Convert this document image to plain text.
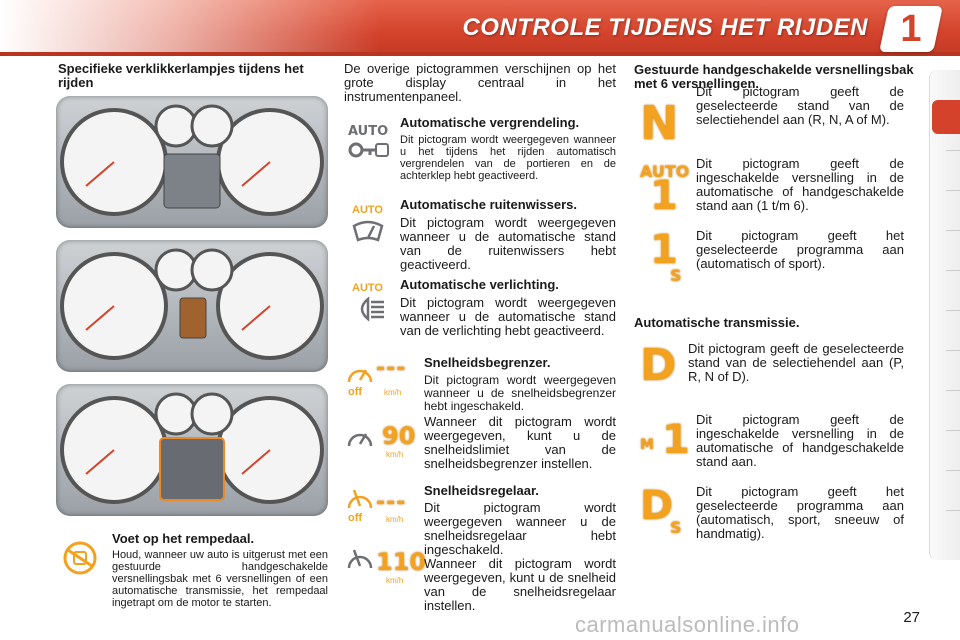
CONTROLE TIJDENS HET RIJDEN 1
Specifieke verklikkerlampjes tijdens het rijden
Voet op het rempedaal.
Houd, wanneer uw auto is uitgerust met een gestuurde handgeschakelde versnellingsbak met 6 versnellingen of een automatische transmissie, het rempedaal ingetrapt om de motor te starten.
De overige pictogrammen verschijnen op het grote display centraal in het instrumentenpaneel.
AUTO
Automatische vergrendeling.
Dit pictogram wordt weergegeven wanneer u het tijdens het rijden automatisch vergrendelen van de portieren en de achterklep hebt geactiveerd.
AUTO Automatische ruitenwissers.
Dit pictogram wordt weergegeven wanneer u de automatische stand van de ruitenwissers hebt geactiveerd.
AUTO Automatische verlichting.
Dit pictogram wordt weergegeven wanneer u de automatische stand van de verlichting hebt geactiveerd.
---
off	km/h
90
km/h
Snelheidsbegrenzer.
Dit pictogram wordt weergegeven wanneer u de snelheidsbegrenzer hebt ingeschakeld.
Wanneer dit pictogram wordt weergegeven, kunt u de snelheidslimiet van de snelheidsbegrenzer instellen.
---
off	km/h
110
km/h
Snelheidsregelaar.
Dit pictogram wordt weergegeven wanneer u de snelheidsregelaar hebt ingeschakeld.
Wanneer dit pictogram wordt weergegeven, kunt u de snelheid van de snelheidsregelaar instellen.
Gestuurde handgeschakelde versnellingsbak met 6 versnellingen.
N
Dit pictogram geeft de geselecteerde stand van de selectiehendel aan (R, N, A of M).
AUTO
1
Dit pictogram geeft de ingeschakelde versnelling in de automatische of handgeschakelde stand aan (1 t/m 6).
1
S
Dit pictogram geeft het geselecteerde programma aan (automatisch of sport).
Automatische transmissie.
D Dit pictogram geeft de geselecteerde stand van de selectiehendel aan (P, R, N of D).
M 1 Dit pictogram geeft de ingeschakelde versnelling in de automatische of handgeschakelde stand aan.
D
S
Dit pictogram geeft het geselecteerde programma aan (automatisch, sport, sneeuw of handmatig).
27
carmanualsonline.info
